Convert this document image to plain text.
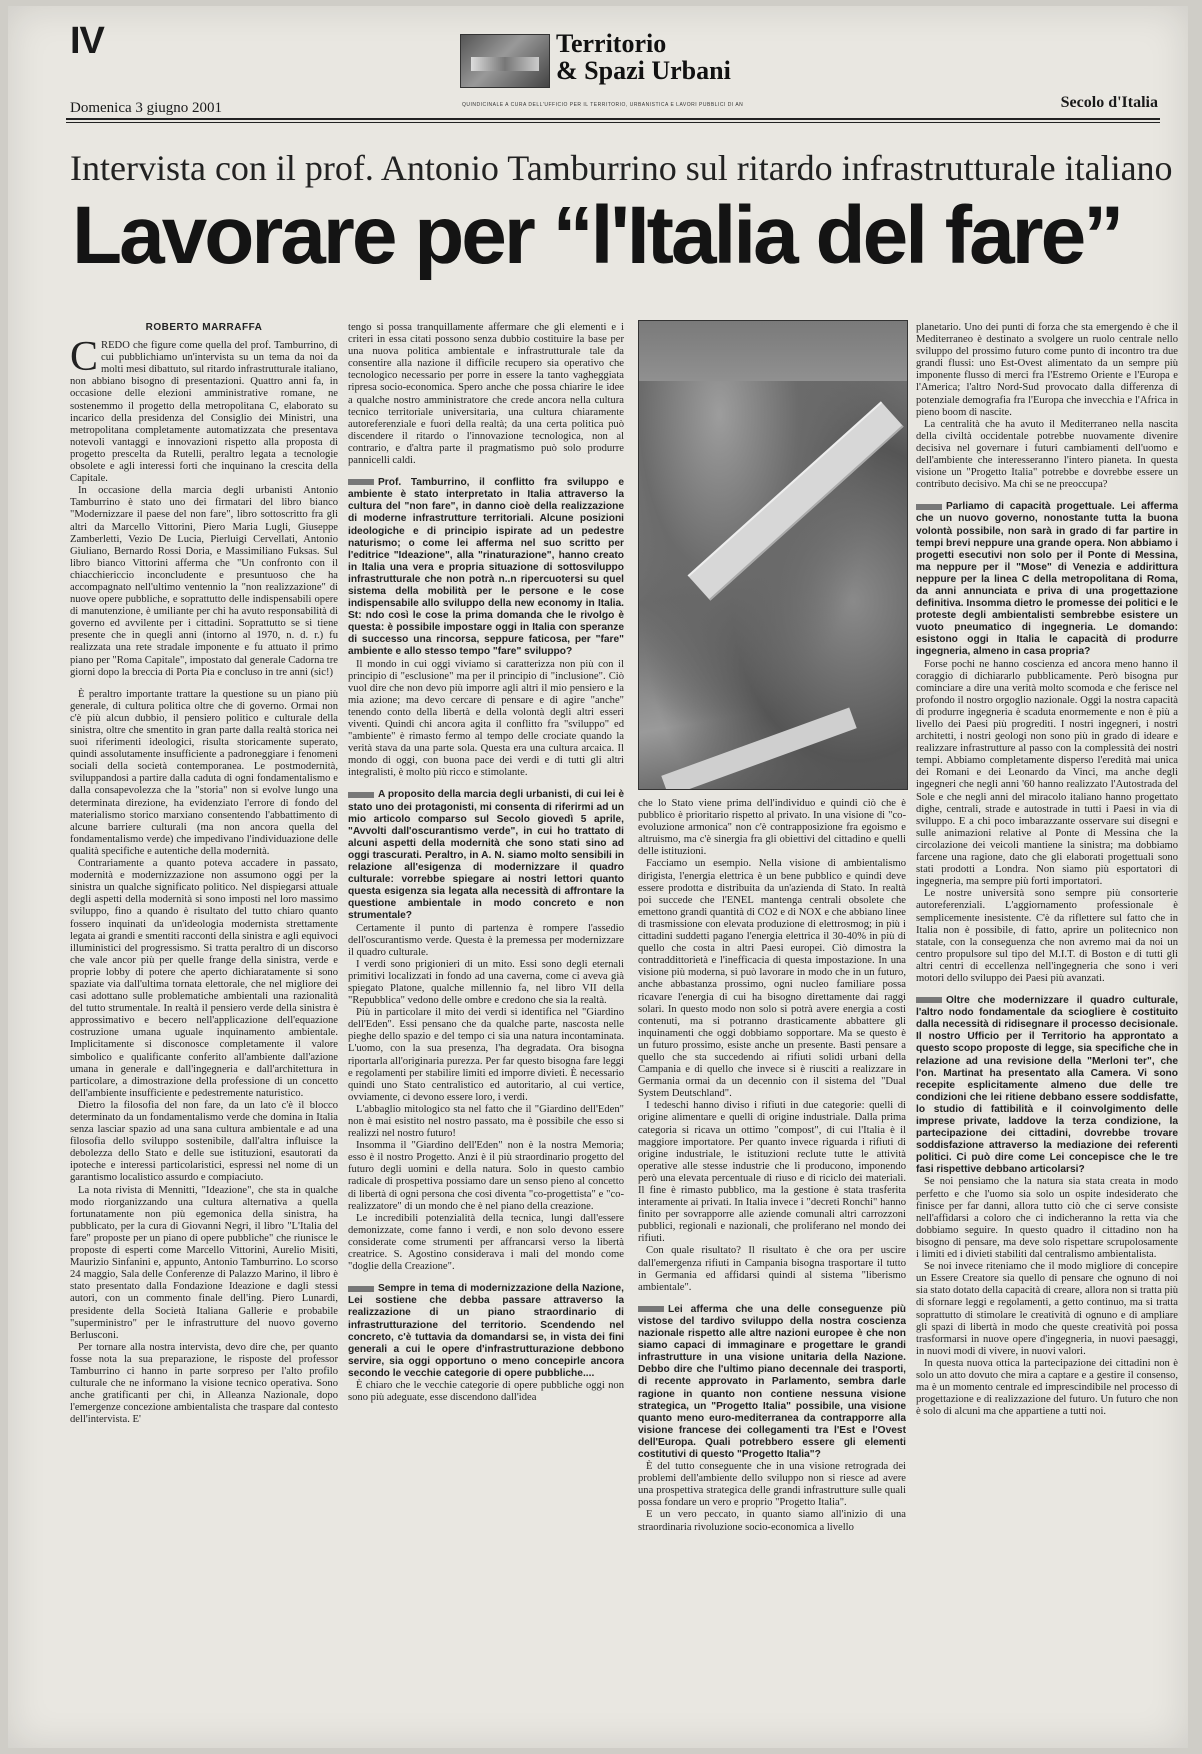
IV	Territorio
& Spazi Urbani
QUINDICINALE A CURA DELL'UFFICIO PER IL TERRITORIO, URBANISTICA E LAVORI PUBBLICI DI AN
Domenica 3 giugno 2001	Secolo d'Italia
Intervista con il prof. Antonio Tamburrino sul ritardo infrastrutturale italiano
Lavorare per “l'Italia del fare”
ROBERTO MARRAFFA
CREDO che figure come quella del prof. Tamburrino, di cui pubblichiamo un'intervista su un tema da noi da molti mesi dibattuto, sul ritardo infrastrutturale italiano, non abbiano bisogno di presentazioni. Quattro anni fa, in occasione delle elezioni amministrative romane, ne sostenemmo il progetto della metropolitana C, elaborato su incarico della presidenza del Consiglio dei Ministri, una metropolitana completamente automatizzata che presentava notevoli vantaggi e innovazioni rispetto alla proposta di progetto prescelta da Rutelli, peraltro legata a tecnologie obsolete e agli interessi forti che inquinano la crescita della Capitale.

In occasione della marcia degli urbanisti Antonio Tamburrino è stato uno dei firmatari del libro bianco "Modernizzare il paese del non fare", libro sottoscritto fra gli altri da Marcello Vittorini, Piero Maria Lugli, Giuseppe Zamberletti, Vezio De Lucia, Pierluigi Cervellati, Antonio Giuliano, Bernardo Rossi Doria, e Massimiliano Fuksas. Sul libro bianco Vittorini afferma che "Un confronto con il chiacchiericcio inconcludente e presuntuoso che ha accompagnato nell'ultimo ventennio la "non realizzazione" di nuove opere pubbliche, e soprattutto delle indispensabili opere di manutenzione, è umiliante per chi ha avuto responsabilità di governo ed avvilente per i cittadini. Soprattutto se si tiene presente che in quegli anni (intorno al 1970, n. d. r.) fu realizzata una rete stradale imponente e fu attuato il primo piano per "Roma Capitale", impostato dal generale Cadorna tre giorni dopo la breccia di Porta Pia e concluso in tre anni (sic!)

È peraltro importante trattare la questione su un piano più generale, di cultura politica oltre che di governo. Ormai non c'è più alcun dubbio, il pensiero politico e culturale della sinistra, oltre che smentito in gran parte dalla realtà storica nei suoi riferimenti ideologici, risulta storicamente superato, quindi assolutamente insufficiente a padroneggiare i fenomeni sociali della società contemporanea. Le postmodernità, sviluppandosi a partire dalla caduta di ogni fondamentalismo e dalla consapevolezza che la "storia" non si evolve lungo una determinata direzione, ha evidenziato l'errore di fondo del materialismo storico marxiano consentendo l'abbattimento di alcune barriere culturali (ma non ancora quella del fondamentalismo verde) che impedivano l'individuazione delle qualità specifiche e autentiche della modernità.

Contrariamente a quanto poteva accadere in passato, modernità e modernizzazione non assumono oggi per la sinistra un qualche significato politico. Nel dispiegarsi attuale degli aspetti della modernità si sono imposti nel loro massimo sviluppo, fino a quando è risultato del tutto chiaro quanto fossero inquinati da un'ideologia modernista strettamente legata ai grandi e smentiti racconti della sinistra e agli equivoci illuministici del progressismo. Si tratta peraltro di un discorso che vale ancor più per quelle frange della sinistra, verde e proprie lobby di potere che aperto dichiaratamente si sono spaziate via dall'ultima tornata elettorale, che nel migliore dei casi adottano sulle problematiche ambientali una razionalità del tutto strumentale. In realtà il pensiero verde della sinistra è approssimativo e becero nell'applicazione dell'equazione costruzione umana uguale inquinamento ambientale. Implicitamente si disconosce completamente il valore simbolico e qualificante conferito all'ambiente dall'azione umana in generale e dall'ingegneria e dall'architettura in particolare, a dimostrazione della professione di un concetto dell'ambiente insufficiente e pedestremente naturistico.

Dietro la filosofia del non fare, da un lato c'è il blocco determinato da un fondamentalismo verde che domina in Italia senza lasciar spazio ad una sana cultura ambientale e ad una filosofia dello sviluppo sostenibile, dall'altra influisce la debolezza dello Stato e delle sue istituzioni, esautorati da ipoteche e interessi particolaristici, espressi nel nome di un garantismo localistico assurdo e compiaciuto.

La nota rivista di Mennitti, "Ideazione", che sta in qualche modo riorganizzando una cultura alternativa a quella fortunatamente non più egemonica della sinistra, ha pubblicato, per la cura di Giovanni Negri, il libro "L'Italia del fare" proposte per un piano di opere pubbliche" che riunisce le proposte di esperti come Marcello Vittorini, Aurelio Misiti, Maurizio Sinfanini e, appunto, Antonio Tamburrino. Lo scorso 24 maggio, Sala delle Conferenze di Palazzo Marino, il libro è stato presentato dalla Fondazione Ideazione e dagli stessi autori, con un commento finale dell'ing. Piero Lunardi, presidente della Società Italiana Gallerie e probabile "superministro" per le infrastrutture del nuovo governo Berlusconi.

Per tornare alla nostra intervista, devo dire che, per quanto fosse nota la sua preparazione, le risposte del professor Tamburrino ci hanno in parte sorpreso per l'alto profilo culturale che ne informano la visione tecnico operativa. Sono anche gratificanti per chi, in Alleanza Nazionale, dopo l'emergenze concezione ambientalista che traspare dal contesto dell'intervista. E'

tengo si possa tranquillamente affermare che gli elementi e i criteri in essa citati possono senza dubbio costituire la base per una nuova politica ambientale e infrastrutturale tale da consentire alla nazione il difficile recupero sia operativo che tecnologico necessario per porre in essere la tanto vagheggiata ripresa socio-economica. Spero anche che possa chiarire le idee a qualche nostro amministratore che crede ancora nella cultura tecnico territoriale universitaria, una cultura chiaramente autoreferenziale e fuori della realtà; da una certa politica può discendere il ritardo o l'innovazione tecnologica, non al contrario, e d'altra parte il pragmatismo può solo produrre pannicelli caldi.

Prof. Tamburrino, il conflitto fra sviluppo e ambiente è stato interpretato in Italia attraverso la cultura del "non fare", in danno cioè della realizzazione di moderne infrastrutture territoriali. Alcune posizioni ideologiche e di principio ispirate ad un pedestre naturismo; o come lei afferma nel suo scritto per l'editrice "Ideazione", alla "rinaturazione", hanno creato in Italia una vera e propria situazione di sottosviluppo infrastrutturale che non potrà n..n ripercuotersi su quel sistema della mobilità per le persone e le cose indispensabile allo sviluppo della new economy in Italia. St: ndo così le cose la prima domanda che le rivolgo è questa: è possibile impostare oggi in Italia con speranze di successo una rincorsa, seppure faticosa, per "fare" ambiente e allo stesso tempo "fare" sviluppo?

Il mondo in cui oggi viviamo si caratterizza non più con il principio di "esclusione" ma per il principio di "inclusione". Ciò vuol dire che non devo più imporre agli altri il mio pensiero e la mia azione; ma devo cercare di pensare e di agire "anche" tenendo conto della libertà e della volontà degli altri esseri viventi. Quindi chi ancora agita il conflitto fra "sviluppo" ed "ambiente" è rimasto fermo al tempo delle crociate quando la verità stava da una parte sola. Questa era una cultura arcaica. Il mondo di oggi, con buona pace dei verdi e di tutti gli altri integralisti, è molto più ricco e stimolante.

A proposito della marcia degli urbanisti, di cui lei è stato uno dei protagonisti, mi consenta di riferirmi ad un mio articolo comparso sul Secolo giovedì 5 aprile, "Avvolti dall'oscurantismo verde", in cui ho trattato di alcuni aspetti della modernità che sono stati sino ad oggi trascurati. Peraltro, in A. N. siamo molto sensibili in relazione all'esigenza di modernizzare il quadro culturale: vorrebbe spiegare ai nostri lettori quanto questa esigenza sia legata alla necessità di affrontare la questione ambientale in modo concreto e non strumentale?

Certamente il punto di partenza è rompere l'assedio dell'oscurantismo verde. Questa è la premessa per modernizzare il quadro culturale.

I verdi sono prigionieri di un mito. Essi sono degli eternali primitivi localizzati in fondo ad una caverna, come ci aveva già spiegato Platone, qualche millennio fa, nel libro VII della "Repubblica" vedono delle ombre e credono che sia la realtà.

Più in particolare il mito dei verdi si identifica nel "Giardino dell'Eden". Essi pensano che da qualche parte, nascosta nelle pieghe dello spazio e del tempo ci sia una natura incontaminata. L'uomo, con la sua presenza, l'ha degradata. Ora bisogna riportarla all'originaria purezza. Per far questo bisogna fare leggi e regolamenti per stabilire limiti ed imporre divieti. È necessario quindi uno Stato centralistico ed autoritario, al cui vertice, ovviamente, ci devono essere loro, i verdi.

L'abbaglio mitologico sta nel fatto che il "Giardino dell'Eden" non è mai esistito nel nostro passato, ma è possibile che esso si realizzi nel nostro futuro!

Insomma il "Giardino dell'Eden" non è la nostra Memoria; esso è il nostro Progetto. Anzi è il più straordinario progetto del futuro degli uomini e della natura. Solo in questo cambio radicale di prospettiva possiamo dare un senso pieno al concetto di libertà di ogni persona che così diventa "co-progettista" e "co-realizzatore" di un mondo che è nel piano della creazione.

Le incredibili potenzialità della tecnica, lungi dall'essere demonizzate, come fanno i verdi, e non solo devono essere considerate come strumenti per affrancarsi verso la libertà creatrice. S. Agostino considerava i mali del mondo come "doglie della Creazione".

Sempre in tema di modernizzazione della Nazione, Lei sostiene che debba passare attraverso la realizzazione di un piano straordinario di infrastrutturazione del territorio. Scendendo nel concreto, c'è tuttavia da domandarsi se, in vista dei fini generali a cui le opere d'infrastrutturazione debbono servire, sia oggi opportuno o meno concepirle ancora secondo le vecchie categorie di opere pubbliche....

È chiaro che le vecchie categorie di opere pubbliche oggi non sono più adeguate, esse discendono dall'idea

che lo Stato viene prima dell'individuo e quindi ciò che è pubblico è prioritario rispetto al privato. In una visione di "co-evoluzione armonica" non c'è contrapposizione fra egoismo e altruismo, ma c'è sinergia fra gli obiettivi del cittadino e quelli delle istituzioni.

Facciamo un esempio. Nella visione di ambientalismo dirigista, l'energia elettrica è un bene pubblico e quindi deve essere prodotta e distribuita da un'azienda di Stato. In realtà poi succede che l'ENEL mantenga centrali obsolete che emettono grandi quantità di CO2 e di NOX e che abbiano linee di trasmissione con elevata produzione di elettrosmog; in più i cittadini suddetti pagano l'energia elettrica il 30-40% in più di quello che costa in altri Paesi europei. Ciò dimostra la contraddittorietà e l'inefficacia di questa impostazione. In una visione più moderna, si può lavorare in modo che in un futuro, anche abbastanza prossimo, ogni nucleo familiare possa ricavare l'energia di cui ha bisogno direttamente dai raggi solari. In questo modo non solo si potrà avere energia a costi contenuti, ma si potranno drasticamente abbattere gli inquinamenti che oggi dobbiamo sopportare. Ma se questo è un futuro prossimo, esiste anche un presente. Basti pensare a quello che sta succedendo ai rifiuti solidi urbani della Campania e di quello che invece si è riusciti a realizzare in Germania ormai da un decennio con il sistema del "Dual System Deutschland".

I tedeschi hanno diviso i rifiuti in due categorie: quelli di origine alimentare e quelli di origine industriale. Dalla prima categoria si ricava un ottimo "compost", di cui l'Italia è il maggiore importatore. Per quanto invece riguarda i rifiuti di origine industriale, le istituzioni reclute tutte le attività operative alle stesse industrie che li producono, imponendo però una elevata percentuale di riuso e di riciclo dei materiali. Il fine è rimasto pubblico, ma la gestione è stata trasferita interamente ai privati. In Italia invece i "decreti Ronchi" hanno finito per sovrapporre alle aziende comunali altri carrozzoni pubblici, regionali e nazionali, che proliferano nel mondo dei rifiuti.

Con quale risultato? Il risultato è che ora per uscire dall'emergenza rifiuti in Campania bisogna trasportare il tutto in Germania ed affidarsi quindi al sistema "liberismo ambientale".

Lei afferma che una delle conseguenze più vistose del tardivo sviluppo della nostra coscienza nazionale rispetto alle altre nazioni europee è che non siamo capaci di immaginare e progettare le grandi infrastrutture in una visione unitaria della Nazione. Debbo dire che l'ultimo piano decennale dei trasporti, di recente approvato in Parlamento, sembra darle ragione in quanto non contiene nessuna visione strategica, un "Progetto Italia" possibile, una visione quanto meno euro-mediterranea da contrapporre alla visione francese dei collegamenti tra l'Est e l'Ovest dell'Europa. Quali potrebbero essere gli elementi costitutivi di questo "Progetto Italia"?

È del tutto conseguente che in una visione retrograda dei problemi dell'ambiente dello sviluppo non si riesce ad avere una prospettiva strategica delle grandi infrastrutture sulle quali possa fondare un vero e proprio "Progetto Italia".

E un vero peccato, in quanto siamo all'inizio di una straordinaria rivoluzione socio-economica a livello

planetario. Uno dei punti di forza che sta emergendo è che il Mediterraneo è destinato a svolgere un ruolo centrale nello sviluppo del prossimo futuro come punto di incontro tra due grandi flussi: uno Est-Ovest alimentato da un sempre più imponente flusso di merci fra l'Estremo Oriente e l'Europa e l'America; l'altro Nord-Sud provocato dalla differenza di potenziale demografia fra l'Europa che invecchia e l'Africa in pieno boom di nascite.

La centralità che ha avuto il Mediterraneo nella nascita della civiltà occidentale potrebbe nuovamente divenire decisiva nel governare i futuri cambiamenti dell'uomo e dell'ambiente che interesseranno l'intero pianeta. In questa visione un "Progetto Italia" potrebbe e dovrebbe essere un contributo decisivo. Ma chi se ne preoccupa?

Parliamo di capacità progettuale. Lei afferma che un nuovo governo, nonostante tutta la buona volontà possibile, non sarà in grado di far partire in tempi brevi neppure una grande opera. Non abbiamo i progetti esecutivi non solo per il Ponte di Messina, ma neppure per il "Mose" di Venezia e addirittura neppure per la linea C della metropolitana di Roma, da anni annunciata e priva di una progettazione definitiva. Insomma dietro le promesse dei politici e le proteste degli ambientalisti sembrebbe esistere un vuoto pneumatico di ingegneria. Le domando: esistono oggi in Italia le capacità di produrre ingegneria, almeno in casa propria?

Forse pochi ne hanno coscienza ed ancora meno hanno il coraggio di dichiararlo pubblicamente. Però bisogna pur cominciare a dire una verità molto scomoda e che ferisce nel profondo il nostro orgoglio nazionale. Oggi la nostra capacità di produrre ingegneria è scaduta enormemente e non è più a livello dei Paesi più progrediti. I nostri ingegneri, i nostri architetti, i nostri geologi non sono più in grado di ideare e realizzare infrastrutture al passo con la complessità dei nostri tempi. Abbiamo completamente disperso l'eredità mai unica dei Romani e dei Leonardo da Vinci, ma anche degli ingegneri che negli anni '60 hanno realizzato l'Autostrada del Sole e che negli anni del miracolo italiano hanno progettato dighe, centrali, strade e autostrade in tutti i Paesi in via di sviluppo. E a chi poco imbarazzante osservare sui disegni e sulle animazioni relative al Ponte di Messina che la circolazione dei veicoli mantiene la sinistra; ma dobbiamo farcene una ragione, dato che gli elaborati progettuali sono stati prodotti a Londra. Non siamo più esportatori di ingegneria, ma sempre più forti importatori.

Le nostre università sono sempre più consorterie autoreferenziali. L'aggiornamento professionale è semplicemente inesistente. C'è da riflettere sul fatto che in Italia non è possibile, di fatto, aprire un politecnico non statale, con la conseguenza che non avremo mai da noi un centro propulsore sul tipo del M.I.T. di Boston e di tutti gli altri centri di eccellenza nell'ingegneria che sono i veri motori dello sviluppo dei Paesi più avanzati.

Oltre che modernizzare il quadro culturale, l'altro nodo fondamentale da sciogliere è costituito dalla necessità di ridisegnare il processo decisionale. Il nostro Ufficio per il Territorio ha approntato a questo scopo proposte di legge, sia specifiche che in relazione ad una revisione della "Merloni ter", che l'on. Martinat ha presentato alla Camera. Vi sono recepite esplicitamente almeno due delle tre condizioni che lei ritiene debbano essere soddisfatte, lo studio di fattibilità e il coinvolgimento delle imprese private, laddove la terza condizione, la partecipazione dei cittadini, dovrebbe trovare soddisfazione attraverso la mediazione dei referenti politici. Ci può dire come Lei concepisce che le tre fasi rispettive debbano articolarsi?

Se noi pensiamo che la natura sia stata creata in modo perfetto e che l'uomo sia solo un ospite indesiderato che finisce per far danni, allora tutto ciò che ci serve consiste nell'affidarsi a coloro che ci indicheranno la retta via che dobbiamo seguire. In questo quadro il cittadino non ha bisogno di pensare, ma deve solo rispettare scrupolosamente i limiti ed i divieti stabiliti dal centralismo ambientalista.

Se noi invece riteniamo che il modo migliore di concepire un Essere Creatore sia quello di pensare che ognuno di noi sia stato dotato della capacità di creare, allora non si tratta più di sfornare leggi e regolamenti, a getto continuo, ma si tratta soprattutto di stimolare le creatività di ognuno e di ampliare gli spazi di libertà in modo che queste creatività poi possa trasformarsi in nuove opere d'ingegneria, in nuovi paesaggi, in nuovi modi di vivere, in nuovi valori.

In questa nuova ottica la partecipazione dei cittadini non è solo un atto dovuto che mira a captare e a gestire il consenso, ma è un momento centrale ed imprescindibile nel processo di progettazione e di realizzazione del futuro. Un futuro che non è solo di alcuni ma che appartiene a tutti noi.
